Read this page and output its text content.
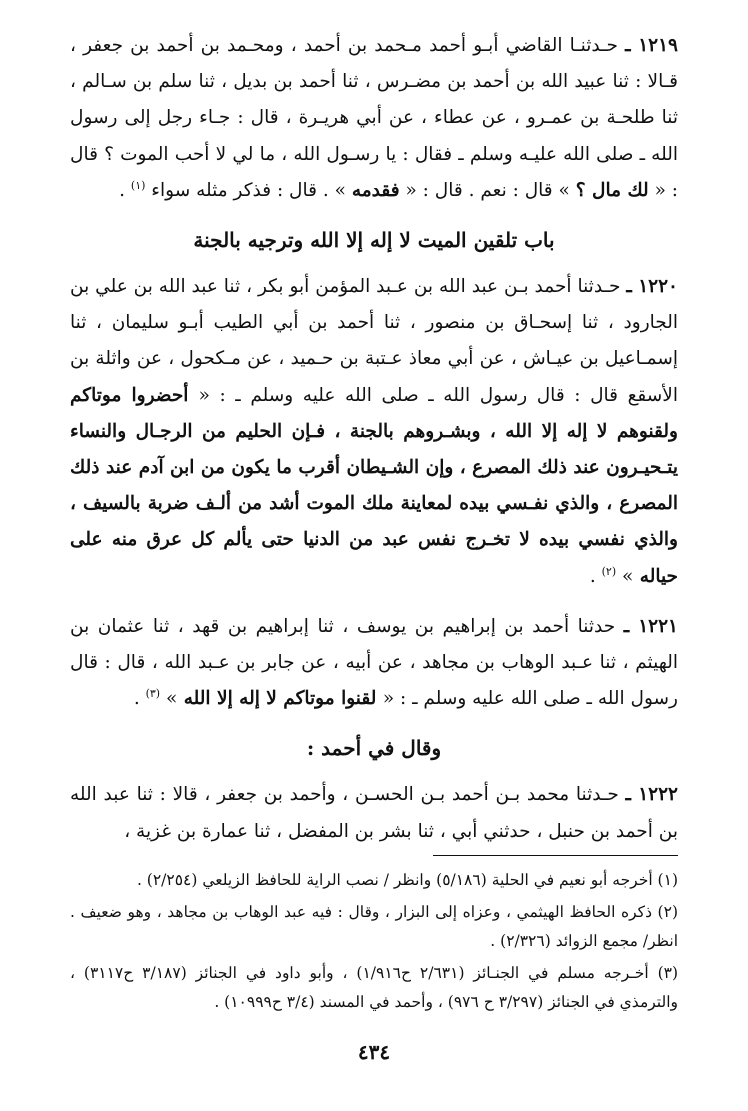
١٢١٩ ـ حـدثنـا القاضي أبـو أحمد مـحمد بن أحمد ، ومحـمد بن أحمد بن جعفر ، قـالا : ثنا عبيد الله بن أحمد بن مضـرس ، ثنا أحمد بن بديل ، ثنا سلم بن سـالم ، ثنا طلحـة بن عمـرو ، عن عطاء ، عن أبي هريـرة ، قال : جـاء رجل إلى رسول الله ـ صلى الله عليـه وسلم ـ فقال : يا رسـول الله ، ما لي لا أحب الموت ؟ قال : « لك مال ؟ » قال : نعم . قال : « فقدمه » . قال : فذكر مثله سواء $^{(١)}$ .

باب تلقين الميت لا إله إلا الله وترجيه بالجنة

١٢٢٠ ـ حـدثنا أحمد بـن عبد الله بن عـبد المؤمن أبو بكر ، ثنا عبد الله بن علي بن الجارود ، ثنا إسحـاق بن منصور ، ثنا أحمد بن أبي الطيب أبـو سليمان ، ثنا إسمـاعيل بن عيـاش ، عن أبي معاذ عـتبة بن حـميد ، عن مـكحول ، عن واثلة بن الأسقع قال : قال رسول الله ـ صلى الله عليه وسلم ـ : « أحضروا موتاكم ولقنوهم لا إله إلا الله ، وبشـروهم بالجنة ، فـإن الحليم من الرجـال والنساء يتـحيـرون عند ذلك المصرع ، وإن الشـيطان أقرب ما يكون من ابن آدم عند ذلك المصرع ، والذي نفـسي بيده لمعاينة ملك الموت أشد من ألـف ضربة بالسيف ، والذي نفسي بيده لا تخـرج نفس عبد من الدنيا حتى يألم كل عرق منه على حياله » $^{(٢)}$ .

١٢٢١ ـ حدثنا أحمد بن إبراهيم بن يوسف ، ثنا إبراهيم بن قهد ، ثنا عثمان بن الهيثم ، ثنا عـبد الوهاب بن مجاهد ، عن أبيه ، عن جابر بن عـبد الله ، قال : قال رسول الله ـ صلى الله عليه وسلم ـ : « لقنوا موتاكم لا إله إلا الله » $^{(٣)}$ .

وقال في أحمد :

١٢٢٢ ـ حـدثنا محمد بـن أحمد بـن الحسـن ، وأحمد بن جعفر ، قالا : ثنا عبد الله بن أحمد بن حنبل ، حدثني أبي ، ثنا بشر بن المفضل ، ثنا عمارة بن غزية ،

(١) أخرجه أبو نعيم في الحلية (٥/١٨٦) وانظر / نصب الراية للحافظ الزيلعي (٢/٢٥٤) .

(٢) ذكره الحافظ الهيثمي ، وعزاه إلى البزار ، وقال : فيه عبد الوهاب بن مجاهد ، وهو ضعيف . انظر/ مجمع الزوائد (٢/٣٢٦) .

(٣) أخـرجه مسلم في الجنـائز (٢/٦٣١ ح١/٩١٦) ، وأبو داود في الجنائز (٣/١٨٧ ح٣١١٧) ، والترمذي في الجنائز (٣/٢٩٧ ح ٩٧٦) ، وأحمد في المسند (٣/٤ ح١٠٩٩٩) .

٤٣٤
